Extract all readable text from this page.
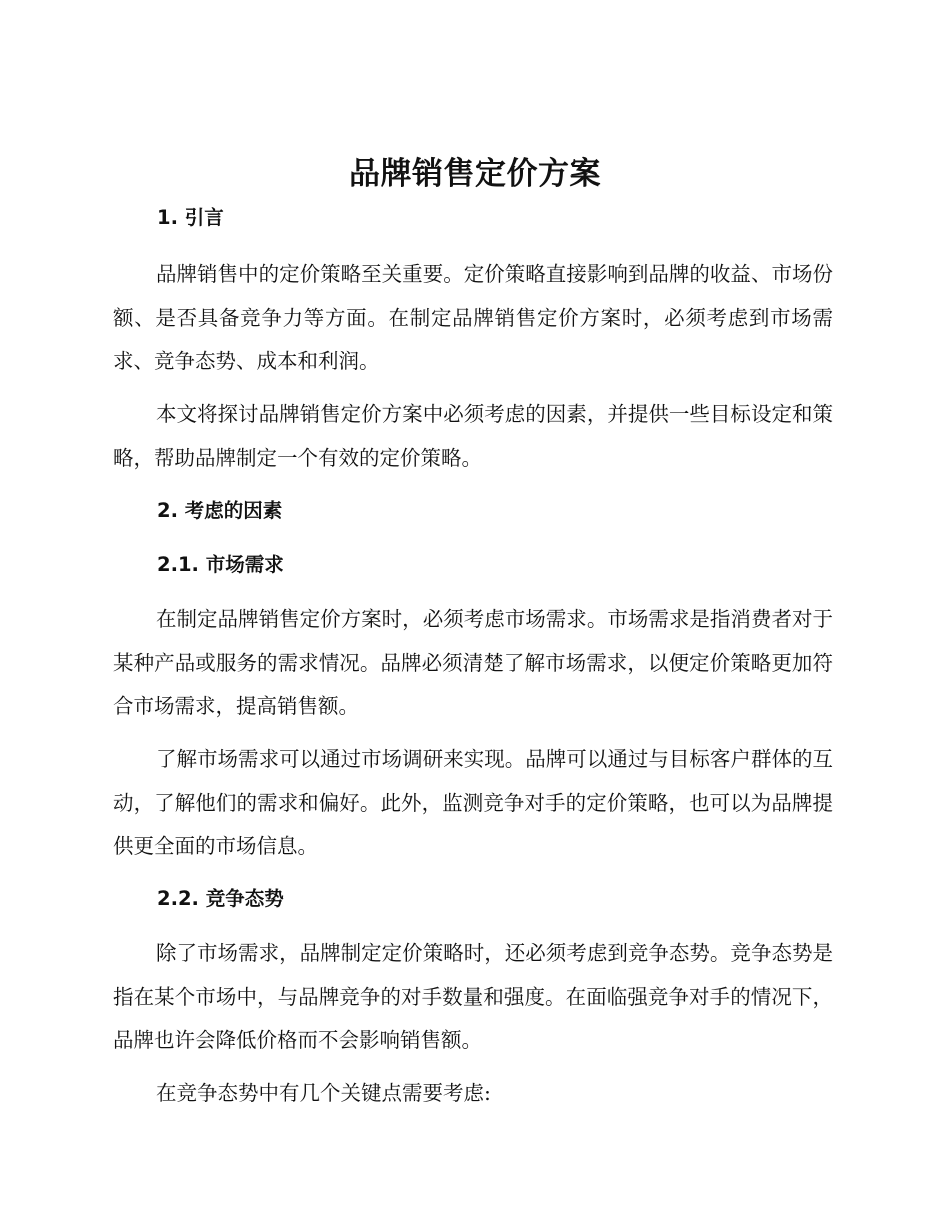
品牌销售定价方案
1. 引言

品牌销售中的定价策略至关重要。定价策略直接影响到品牌的收益、市场份额、是否具备竞争力等方面。在制定品牌销售定价方案时，必须考虑到市场需求、竞争态势、成本和利润。

本文将探讨品牌销售定价方案中必须考虑的因素，并提供一些目标设定和策略，帮助品牌制定一个有效的定价策略。

2. 考虑的因素
2.1. 市场需求

在制定品牌销售定价方案时，必须考虑市场需求。市场需求是指消费者对于某种产品或服务的需求情况。品牌必须清楚了解市场需求，以便定价策略更加符合市场需求，提高销售额。

了解市场需求可以通过市场调研来实现。品牌可以通过与目标客户群体的互动，了解他们的需求和偏好。此外，监测竞争对手的定价策略，也可以为品牌提供更全面的市场信息。

2.2. 竞争态势

除了市场需求，品牌制定定价策略时，还必须考虑到竞争态势。竞争态势是指在某个市场中，与品牌竞争的对手数量和强度。在面临强竞争对手的情况下，品牌也许会降低价格而不会影响销售额。

在竞争态势中有几个关键点需要考虑:
